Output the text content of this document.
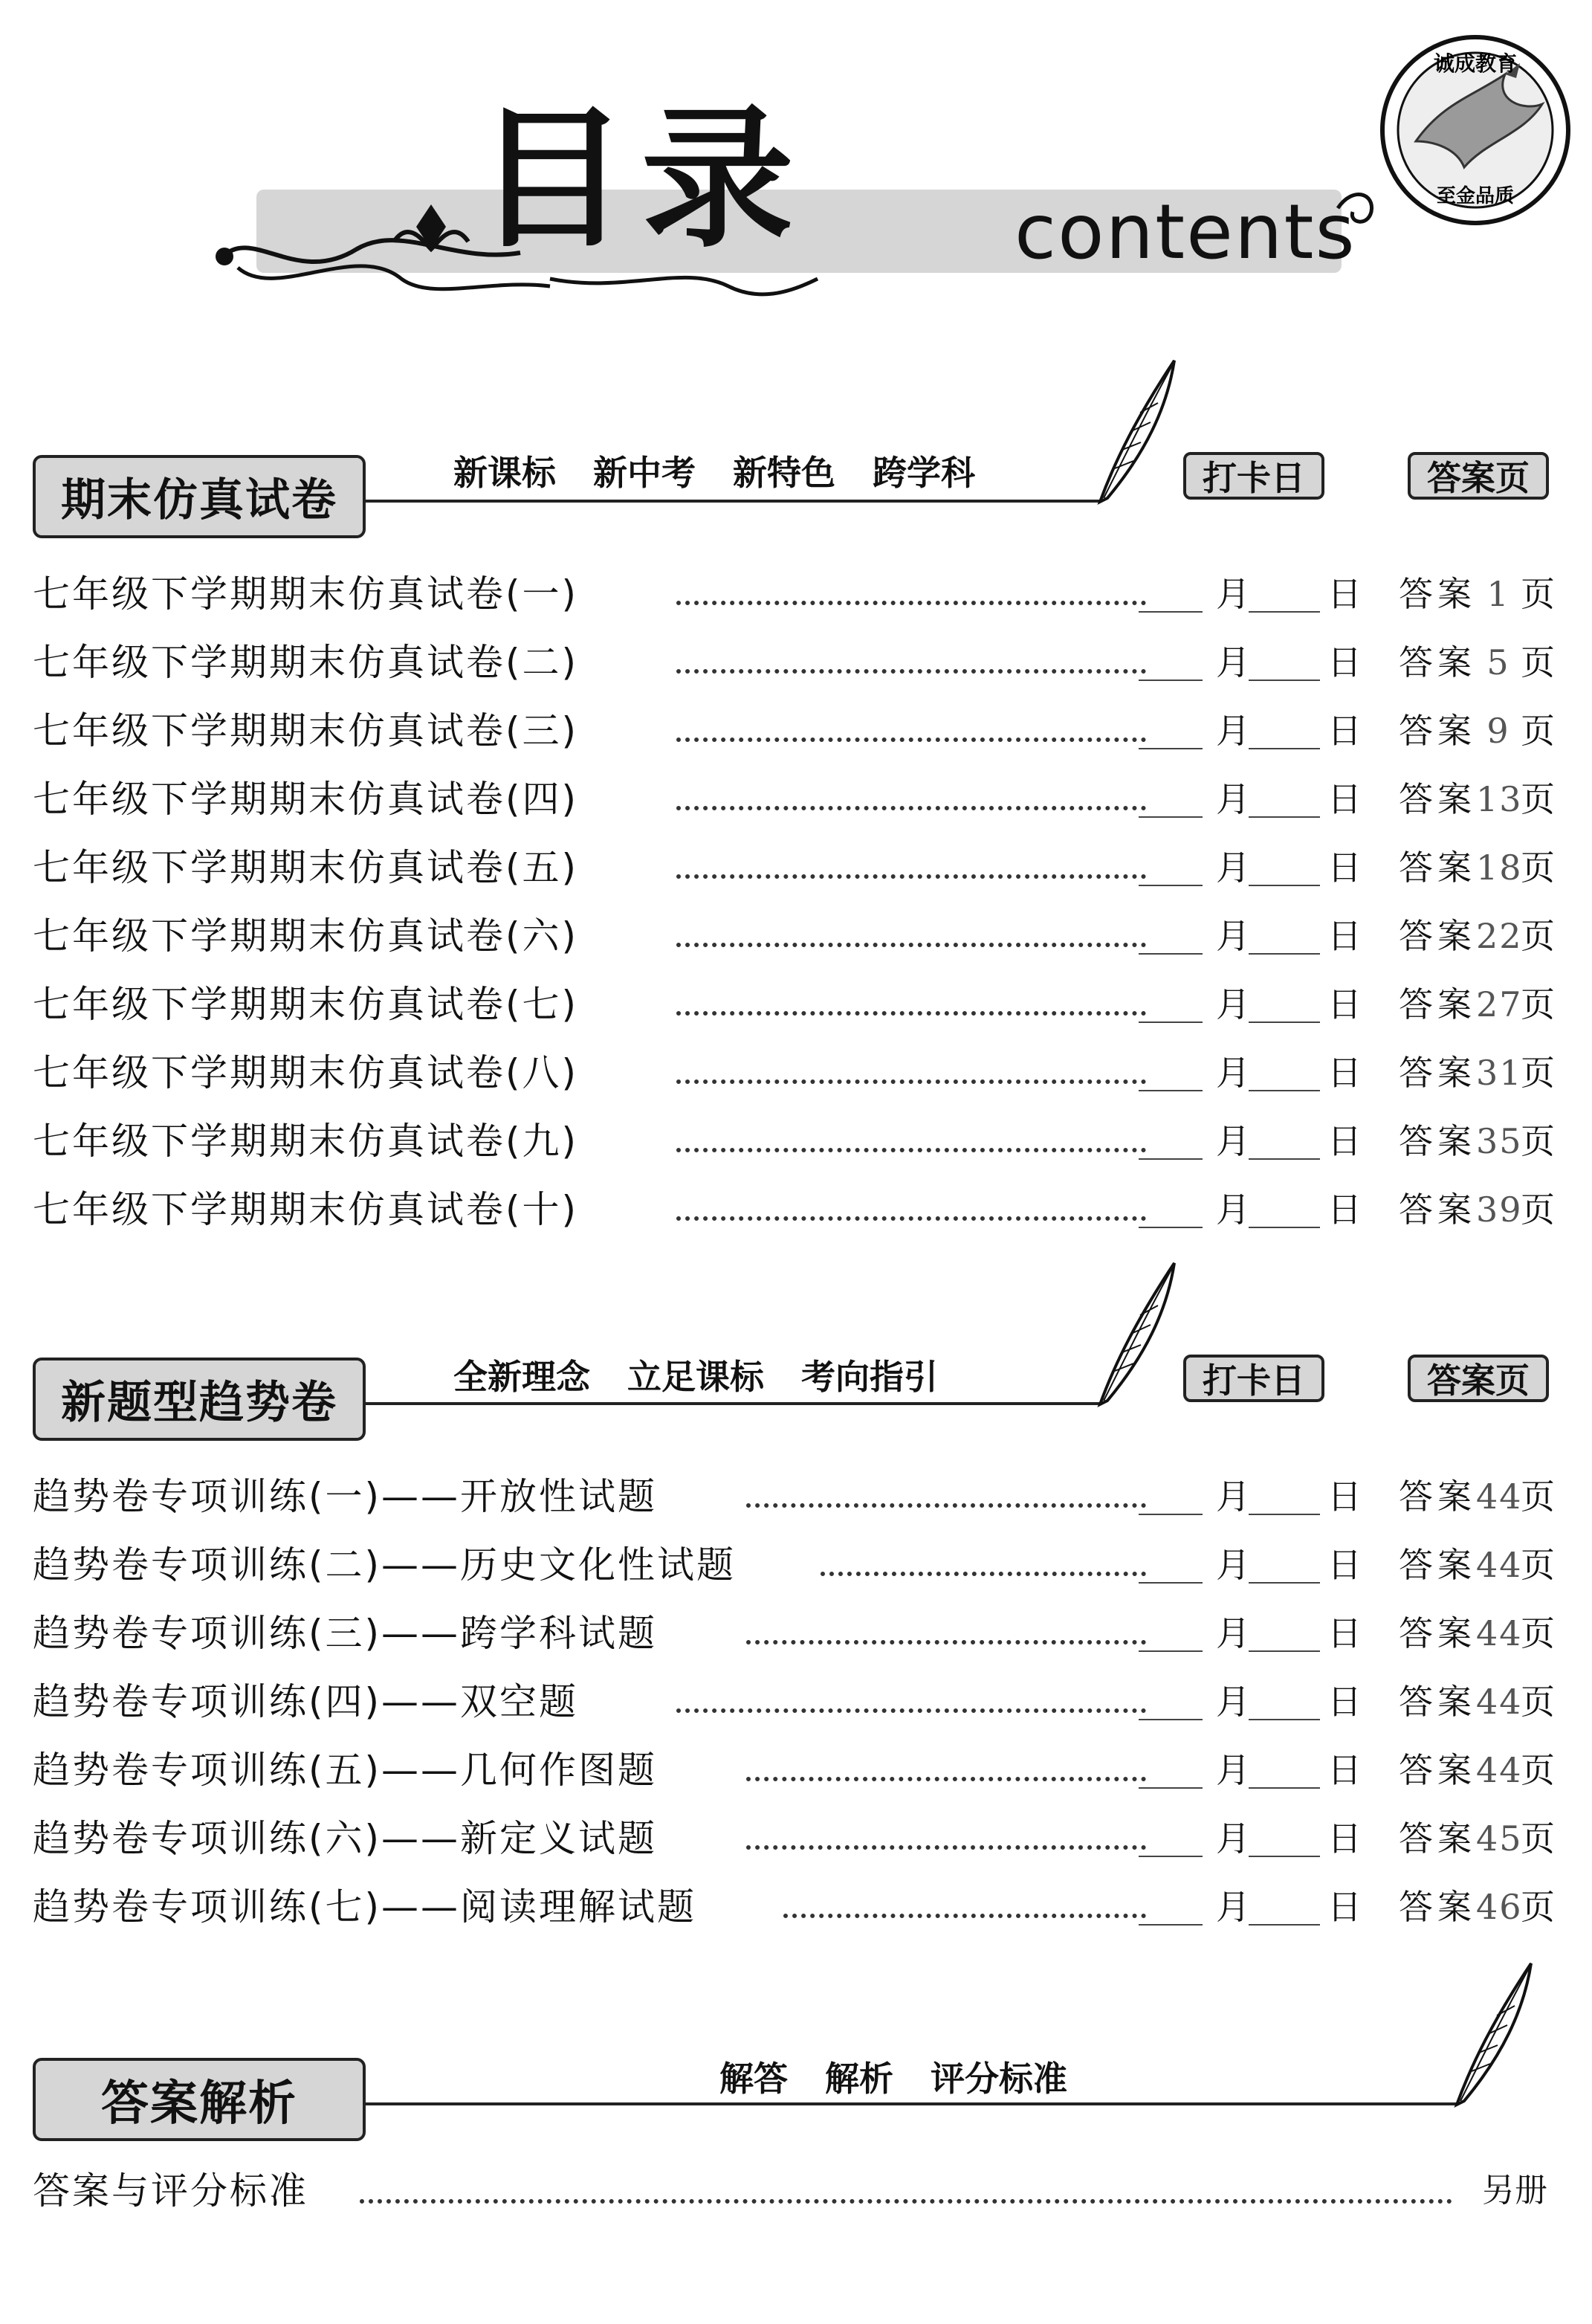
目录	contents
诚成教育
至金品质
期末仿真试卷
新课标 新中考 新特色 跨学科	打卡日	答案页
七年级下学期期末仿真试卷(一)	月 日 答案 1 页
七年级下学期期末仿真试卷(二)	月 日 答案 5 页
七年级下学期期末仿真试卷(三)	月 日 答案 9 页
七年级下学期期末仿真试卷(四)	月 日 答案13页
七年级下学期期末仿真试卷(五)	月 日 答案18页
七年级下学期期末仿真试卷(六)	月 日 答案22页
七年级下学期期末仿真试卷(七)	月 日 答案27页
七年级下学期期末仿真试卷(八)	月 日 答案31页
七年级下学期期末仿真试卷(九)	月 日 答案35页
七年级下学期期末仿真试卷(十)	月 日 答案39页
新题型趋势卷	全新理念 立足课标 考向指引	打卡日	答案页
趋势卷专项训练(一)——开放性试题	月 日 答案44页
趋势卷专项训练(二)——历史文化性试题	月 日 答案44页
趋势卷专项训练(三)——跨学科试题	月 日 答案44页
趋势卷专项训练(四)——双空题	月 日 答案44页
趋势卷专项训练(五)——几何作图题	月 日 答案44页
趋势卷专项训练(六)——新定义试题	月 日 答案45页
趋势卷专项训练(七)——阅读理解试题	月 日 答案46页
答案解析	解答 解析 评分标准
答案与评分标准	另册
